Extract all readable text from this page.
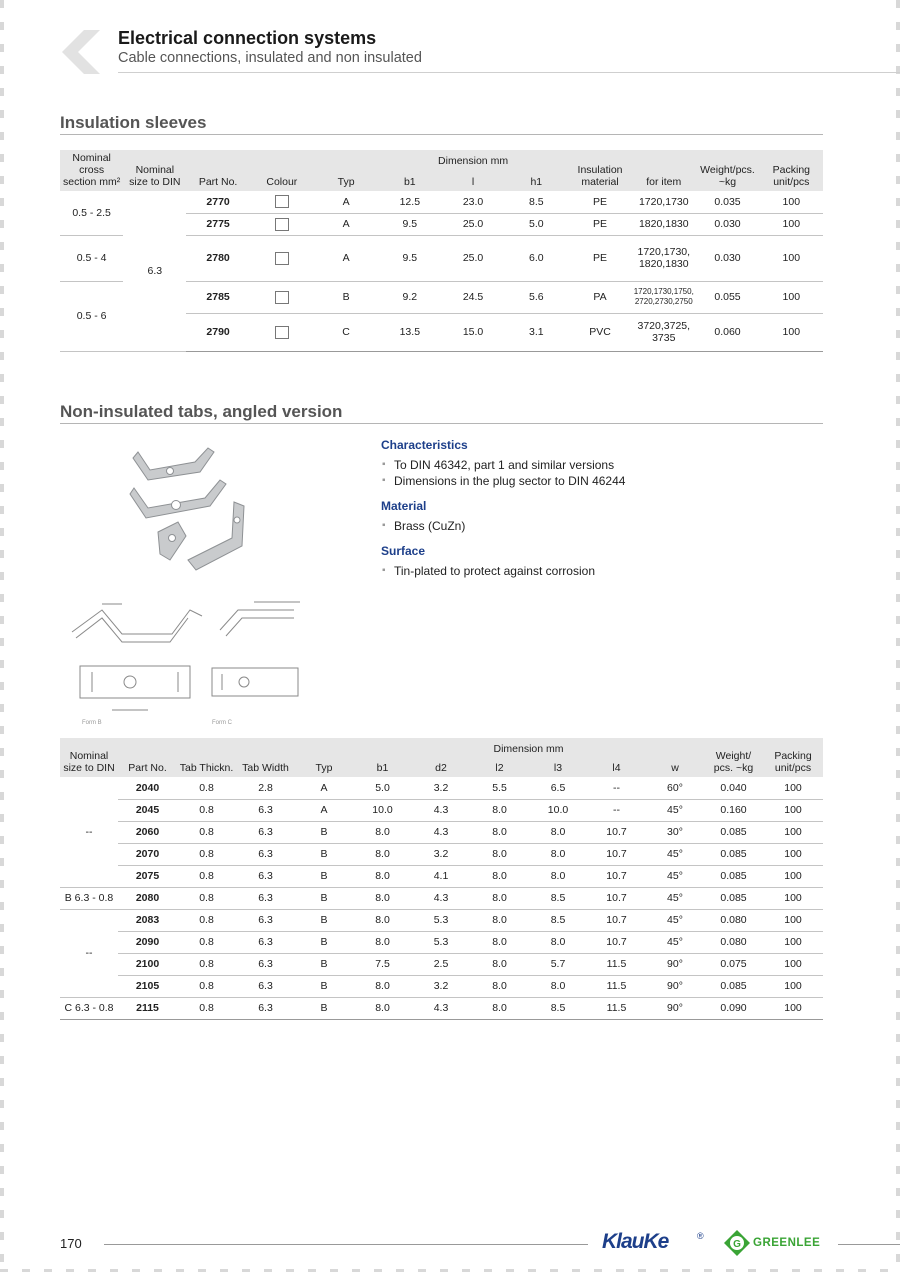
Electrical connection systems
Cable connections, insulated and non insulated
Insulation sleeves
Nominal cross section mm²	Nominal size to DIN	Part No.	Colour	Typ	Dimension mm			Insulation material	for item	Weight/pcs. ~kg	Packing unit/pcs
					b1	l	h1				
0.5 - 2.5	6.3	2770		A	12.5	23.0	8.5	PE	1720,1730	0.035	100
		2775		A	9.5	25.0	5.0	PE	1820,1830	0.030	100
0.5 - 4		2780		A	9.5	25.0	6.0	PE	1720,1730, 1820,1830	0.030	100
0.5 - 6		2785		B	9.2	24.5	5.6	PA	1720,1730,1750, 2720,2730,2750	0.055	100
		2790		C	13.5	15.0	3.1	PVC	3720,3725, 3735	0.060	100
Non-insulated tabs, angled version
Form B	Form C
Characteristics
▪ To DIN 46342, part 1 and similar versions
▪ Dimensions in the plug sector to DIN 46244
Material
▪ Brass (CuZn)
Surface
▪ Tin-plated to protect against corrosion
Nominal size to DIN	Part No.	Tab Thickn.	Tab Width	Typ	Dimension mm						Weight/ pcs. ~kg	Packing unit/pcs
					b1	d2	l2	l3	l4	w		
--	2040	0.8	2.8	A	5.0	3.2	5.5	6.5	--	60°	0.040	100
	2045	0.8	6.3	A	10.0	4.3	8.0	10.0	--	45°	0.160	100
	2060	0.8	6.3	B	8.0	4.3	8.0	8.0	10.7	30°	0.085	100
	2070	0.8	6.3	B	8.0	3.2	8.0	8.0	10.7	45°	0.085	100
	2075	0.8	6.3	B	8.0	4.1	8.0	8.0	10.7	45°	0.085	100
B 6.3 - 0.8	2080	0.8	6.3	B	8.0	4.3	8.0	8.5	10.7	45°	0.085	100
--	2083	0.8	6.3	B	8.0	5.3	8.0	8.5	10.7	45°	0.080	100
	2090	0.8	6.3	B	8.0	5.3	8.0	8.0	10.7	45°	0.080	100
	2100	0.8	6.3	B	7.5	2.5	8.0	5.7	11.5	90°	0.075	100
	2105	0.8	6.3	B	8.0	3.2	8.0	8.0	11.5	90°	0.085	100
C 6.3 - 0.8	2115	0.8	6.3	B	8.0	4.3	8.0	8.5	11.5	90°	0.090	100
170	KlauKe	®
G GREENLEE
